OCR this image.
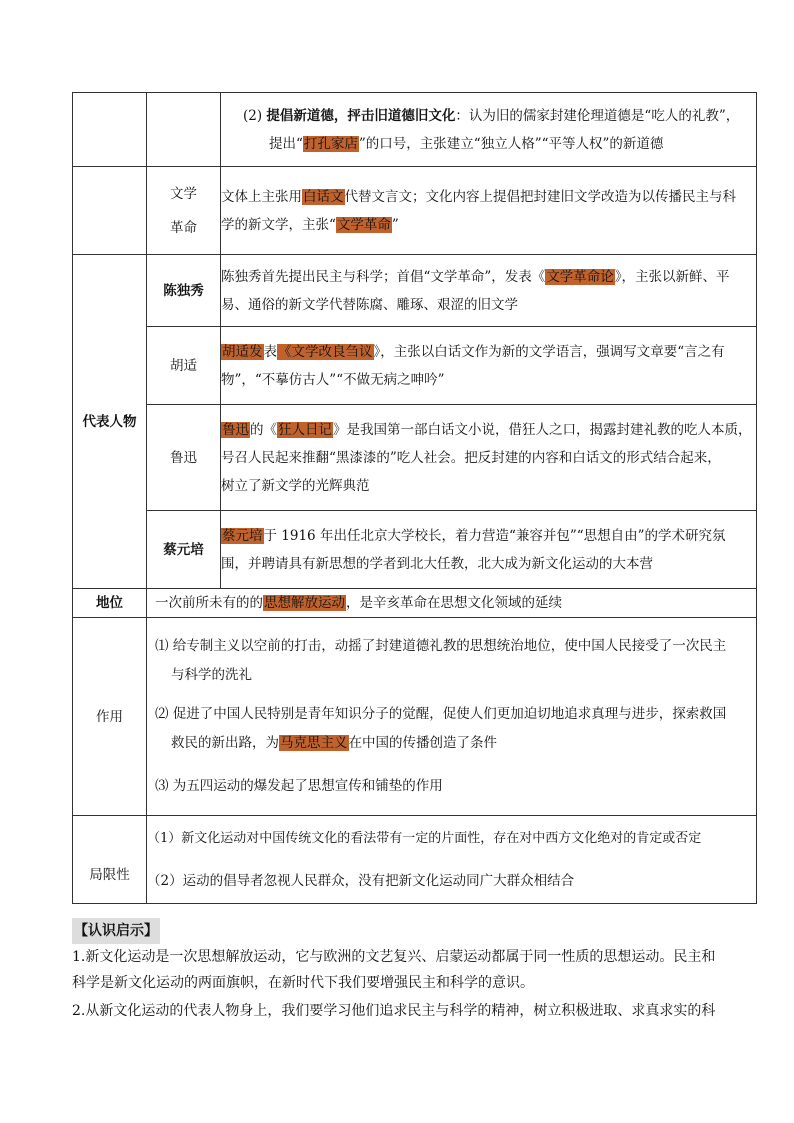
		(2) 提倡新道德，抨击旧道德旧文化：认为旧的儒家封建伦理道德是“吃人的礼教”，

提出“打孔家店”的口号，主张建立“独立人格”“平等人权”的新道德

	文学
革命	文体上主张用白话文代替文言文；文化内容上提倡把封建旧文学改造为以传播民主与科
学的新文学，主张“文学革命”
代表人物	陈独秀	陈独秀首先提出民主与科学；首倡“文学革命”，发表《文学革命论》，主张以新鲜、平
易、通俗的新文学代替陈腐、雕琢、艰涩的旧文学
	胡适	胡适发表《文学改良刍议》，主张以白话文作为新的文学语言，强调写文章要“言之有
物”，“不摹仿古人”“不做无病之呻吟”
	鲁迅	鲁迅的《狂人日记》是我国第一部白话文小说，借狂人之口，揭露封建礼教的吃人本质，
号召人民起来推翻“黑漆漆的”吃人社会。把反封建的内容和白话文的形式结合起来，
树立了新文学的光辉典范
	蔡元培	蔡元培于 1916 年出任北京大学校长，着力营造“兼容并包”“思想自由”的学术研究氛
围，并聘请具有新思想的学者到北大任教，北大成为新文化运动的大本营
地位	一次前所未有的的思想解放运动，是辛亥革命在思想文化领域的延续	
作用	⑴ 给专制主义以空前的打击，动摇了封建道德礼教的思想统治地位，使中国人民接受了一次民主

与科学的洗礼
⑵ 促进了中国人民特别是青年知识分子的觉醒，促使人们更加迫切地追求真理与进步，探索救国

救民的新出路，为马克思主义在中国的传播创造了条件
⑶ 为五四运动的爆发起了思想宣传和铺垫的作用	
局限性	（1）新文化运动对中国传统文化的看法带有一定的片面性，存在对中西方文化绝对的肯定或否定

（2）运动的倡导者忽视人民群众，没有把新文化运动同广大群众相结合	
【认识启示】
1.新文化运动是一次思想解放运动，它与欧洲的文艺复兴、启蒙运动都属于同一性质的思想运动。民主和
科学是新文化运动的两面旗帜，在新时代下我们要增强民主和科学的意识。
2.从新文化运动的代表人物身上，我们要学习他们追求民主与科学的精神，树立积极进取、求真求实的科
